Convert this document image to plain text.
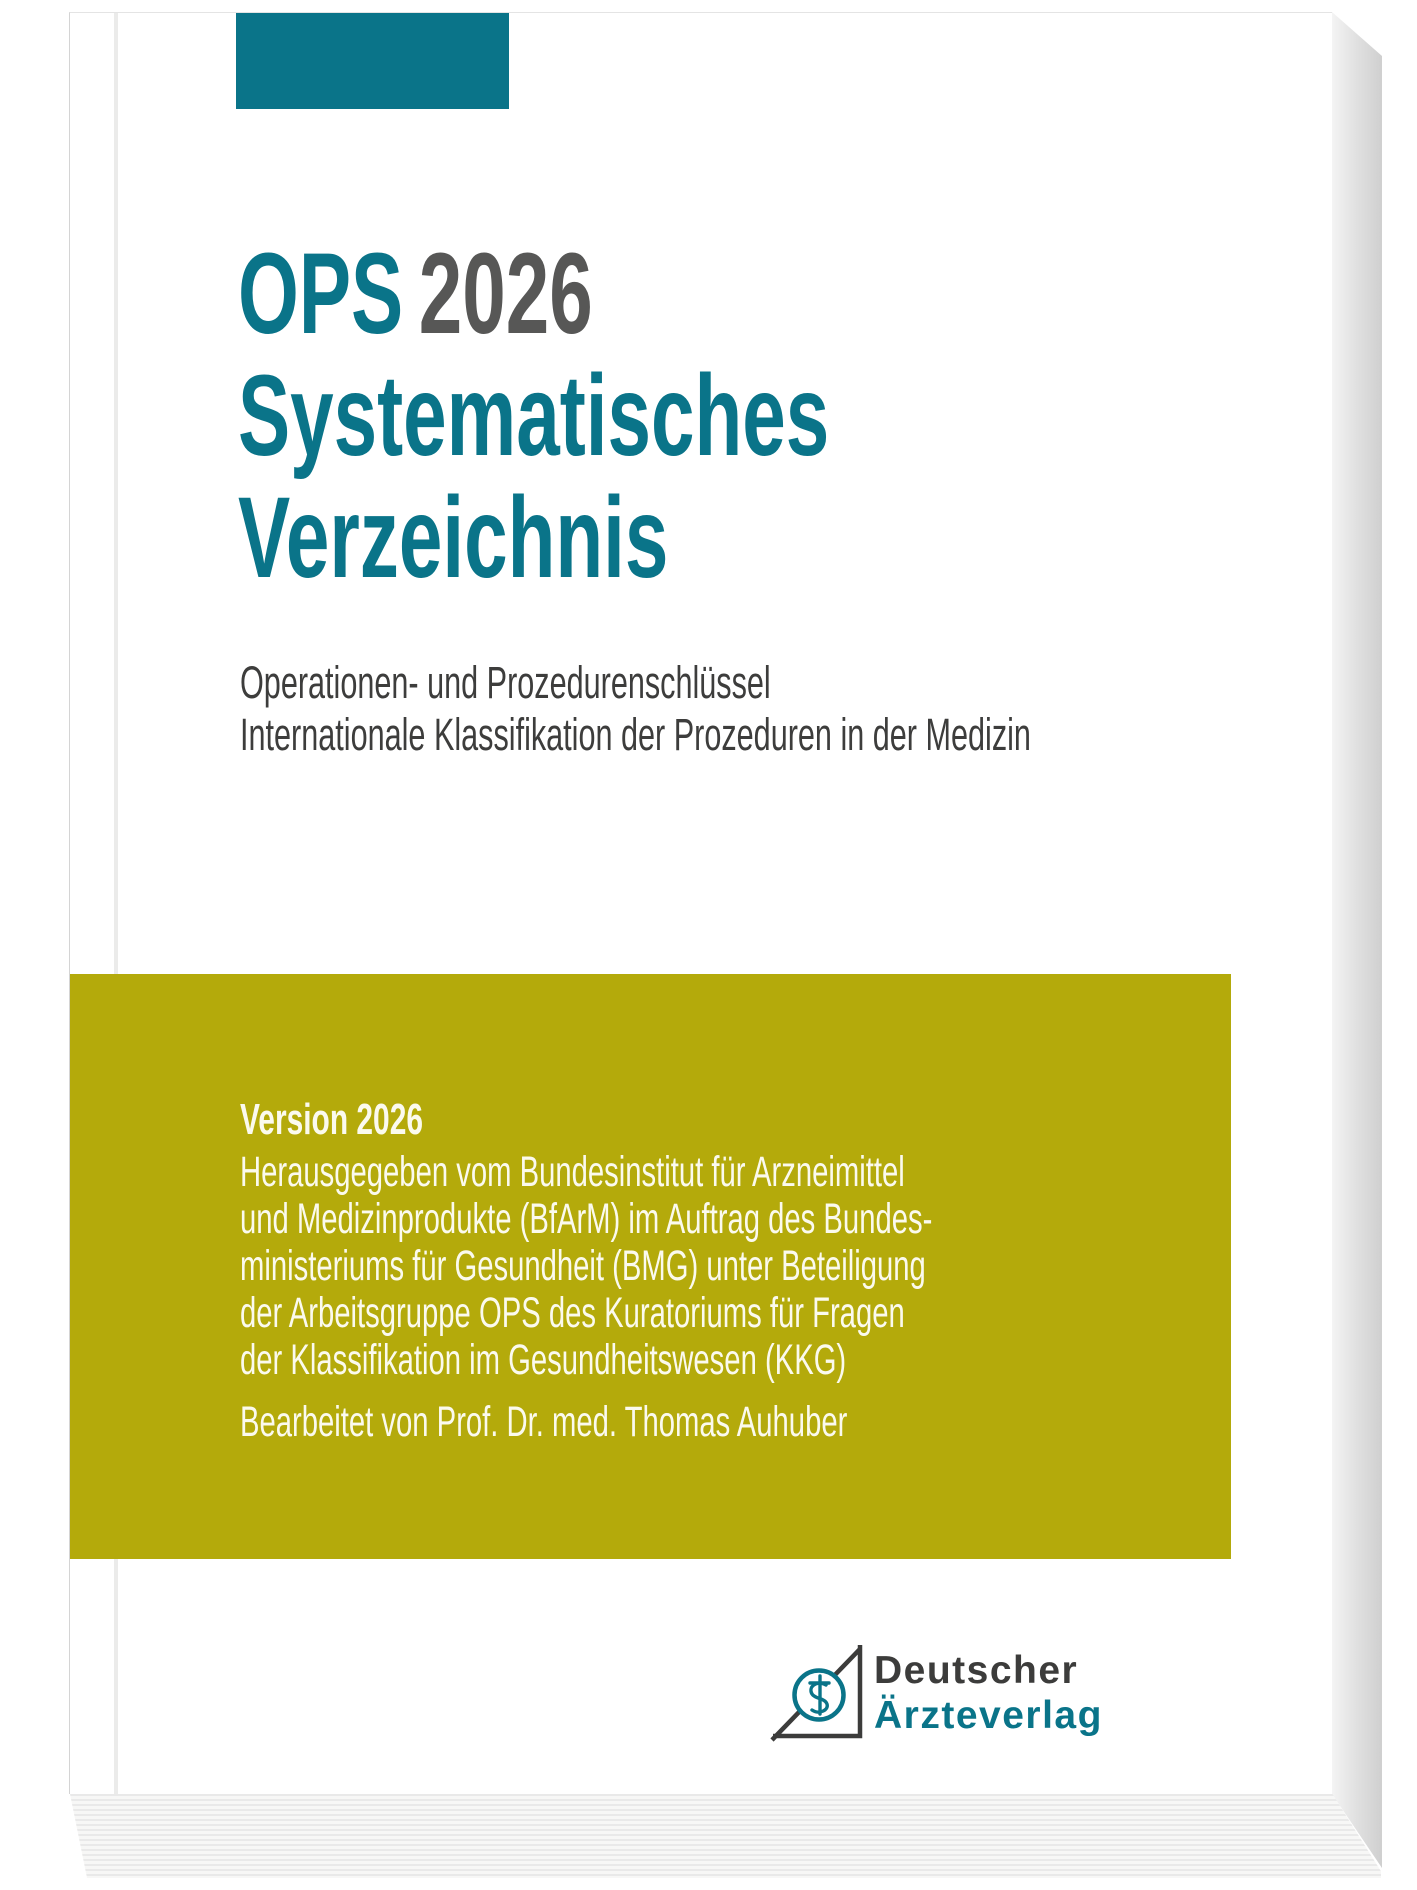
OPS 2026
Systematisches
Verzeichnis
Operationen- und Prozedurenschlüssel
Internationale Klassifikation der Prozeduren in der Medizin
Version 2026
Herausgegeben vom Bundesinstitut für Arzneimittel
und Medizinprodukte (BfArM) im Auftrag des Bundes-
ministeriums für Gesundheit (BMG) unter Beteiligung
der Arbeitsgruppe OPS des Kuratoriums für Fragen
der Klassifikation im Gesundheitswesen (KKG)
Bearbeitet von Prof. Dr. med. Thomas Auhuber
Deutscher
Ärzteverlag
